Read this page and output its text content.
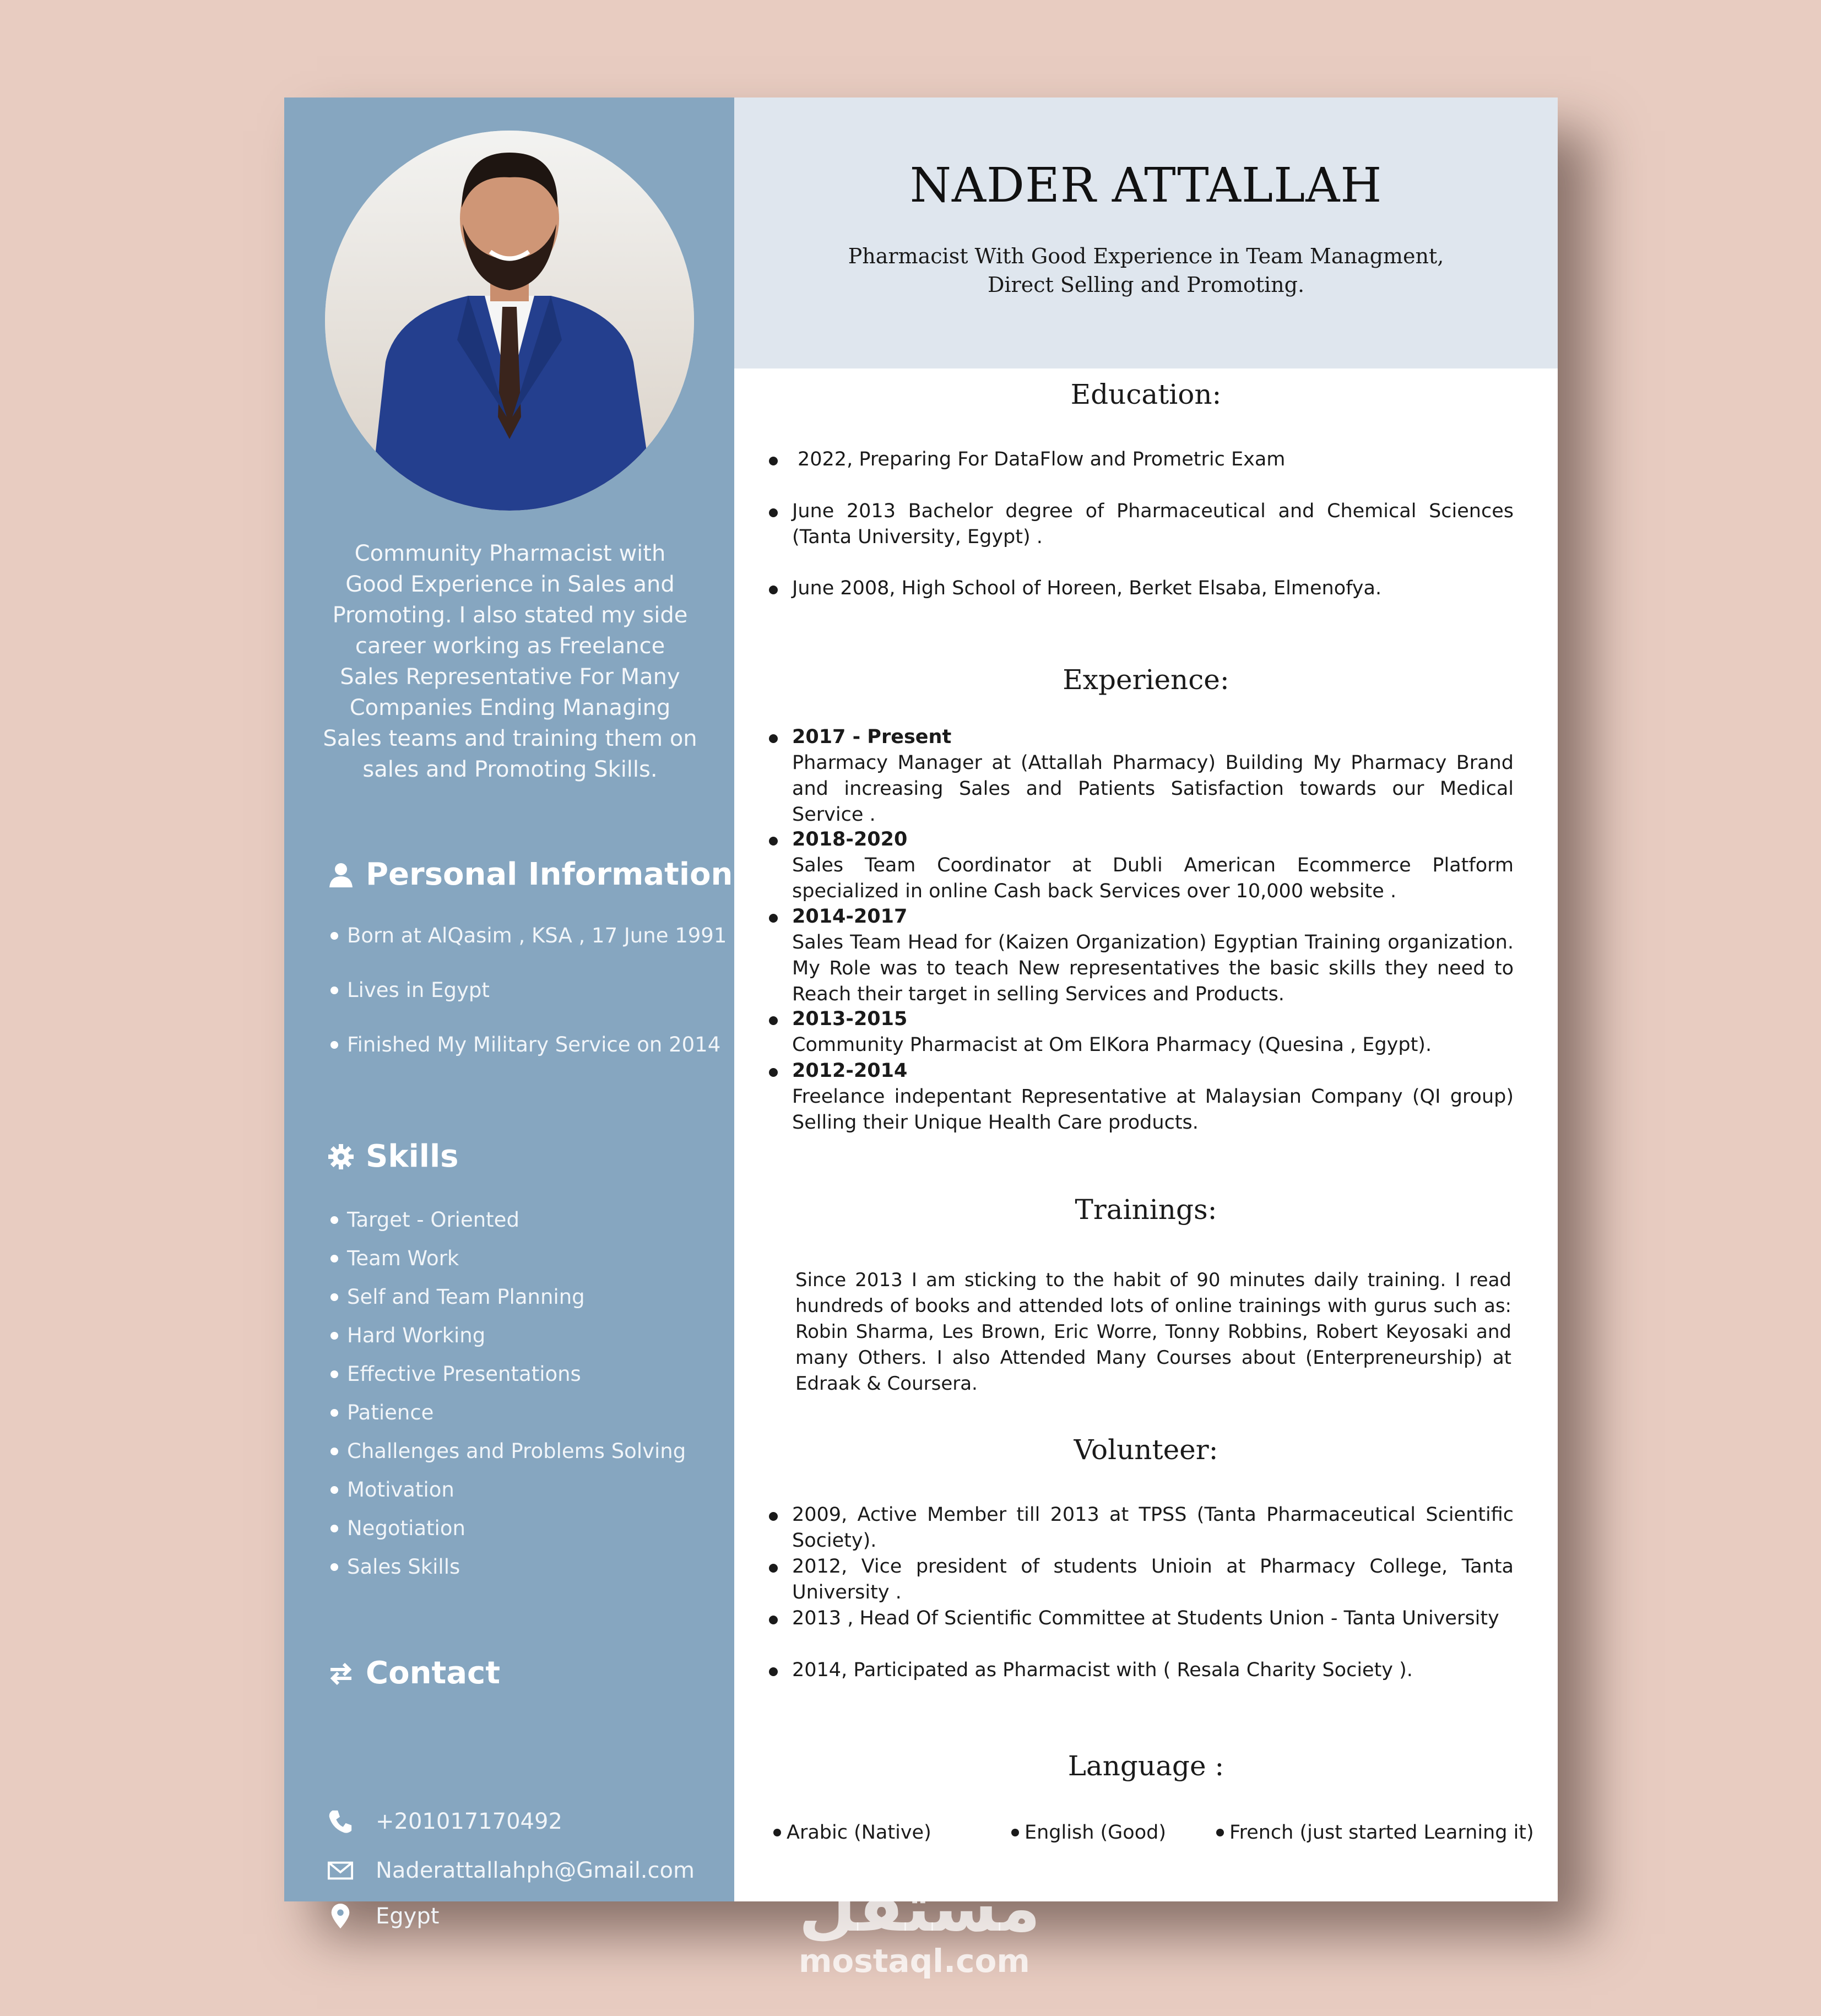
Community Pharmacist with Good Experience in Sales and Promoting. I also stated my side career working as Freelance Sales Representative For Many Companies Ending Managing Sales teams and training them on sales and Promoting Skills.
Personal Information
Born at AlQasim , KSA , 17 June 1991
Lives in Egypt
Finished My Military Service on 2014
Skills
Target - Oriented
Team Work
Self and Team Planning
Hard Working
Effective Presentations
Patience
Challenges and Problems Solving
Motivation
Negotiation
Sales Skills
Contact
+201017170492
Naderattallahph@Gmail.com
Egypt
NADER ATTALLAH
Pharmacist With Good Experience in Team Managment,
Direct Selling and Promoting.
Education:
2022, Preparing For DataFlow and Prometric Exam
June 2013 Bachelor degree of Pharmaceutical and Chemical Sciences (Tanta University, Egypt) .
June 2008, High School of Horeen, Berket Elsaba, Elmenofya.
Experience:
2017 - Present
Pharmacy Manager at (Attallah Pharmacy) Building My Pharmacy Brand and increasing Sales and Patients Satisfaction towards our Medical Service .
2018-2020
Sales Team Coordinator at Dubli American Ecommerce Platform specialized in online Cash back Services over 10,000 website .
2014-2017
Sales Team Head for (Kaizen Organization) Egyptian Training organization. My Role was to teach New representatives the basic skills they need to Reach their target in selling Services and Products.
2013-2015
Community Pharmacist at Om ElKora Pharmacy (Quesina , Egypt).
2012-2014
Freelance indepentant Representative at Malaysian Company (QI group) Selling their Unique Health Care products.
Trainings:
Since 2013 I am sticking to the habit of 90 minutes daily training. I read hundreds of books and attended lots of online trainings with gurus such as: Robin Sharma, Les Brown, Eric Worre, Tonny Robbins, Robert Keyosaki and many Others. I also Attended Many Courses about (Enterpreneurship) at Edraak & Coursera.
Volunteer:
2009, Active Member till 2013 at TPSS (Tanta Pharmaceutical Scientific Society).
2012, Vice president of students Unioin at Pharmacy College, Tanta University .
2013 , Head Of Scientific Committee at Students Union - Tanta University
2014, Participated as Pharmacist with ( Resala Charity Society ).
Language :
Arabic (Native)	English (Good)	French (just started Learning it)
مستقل
mostaql.com
